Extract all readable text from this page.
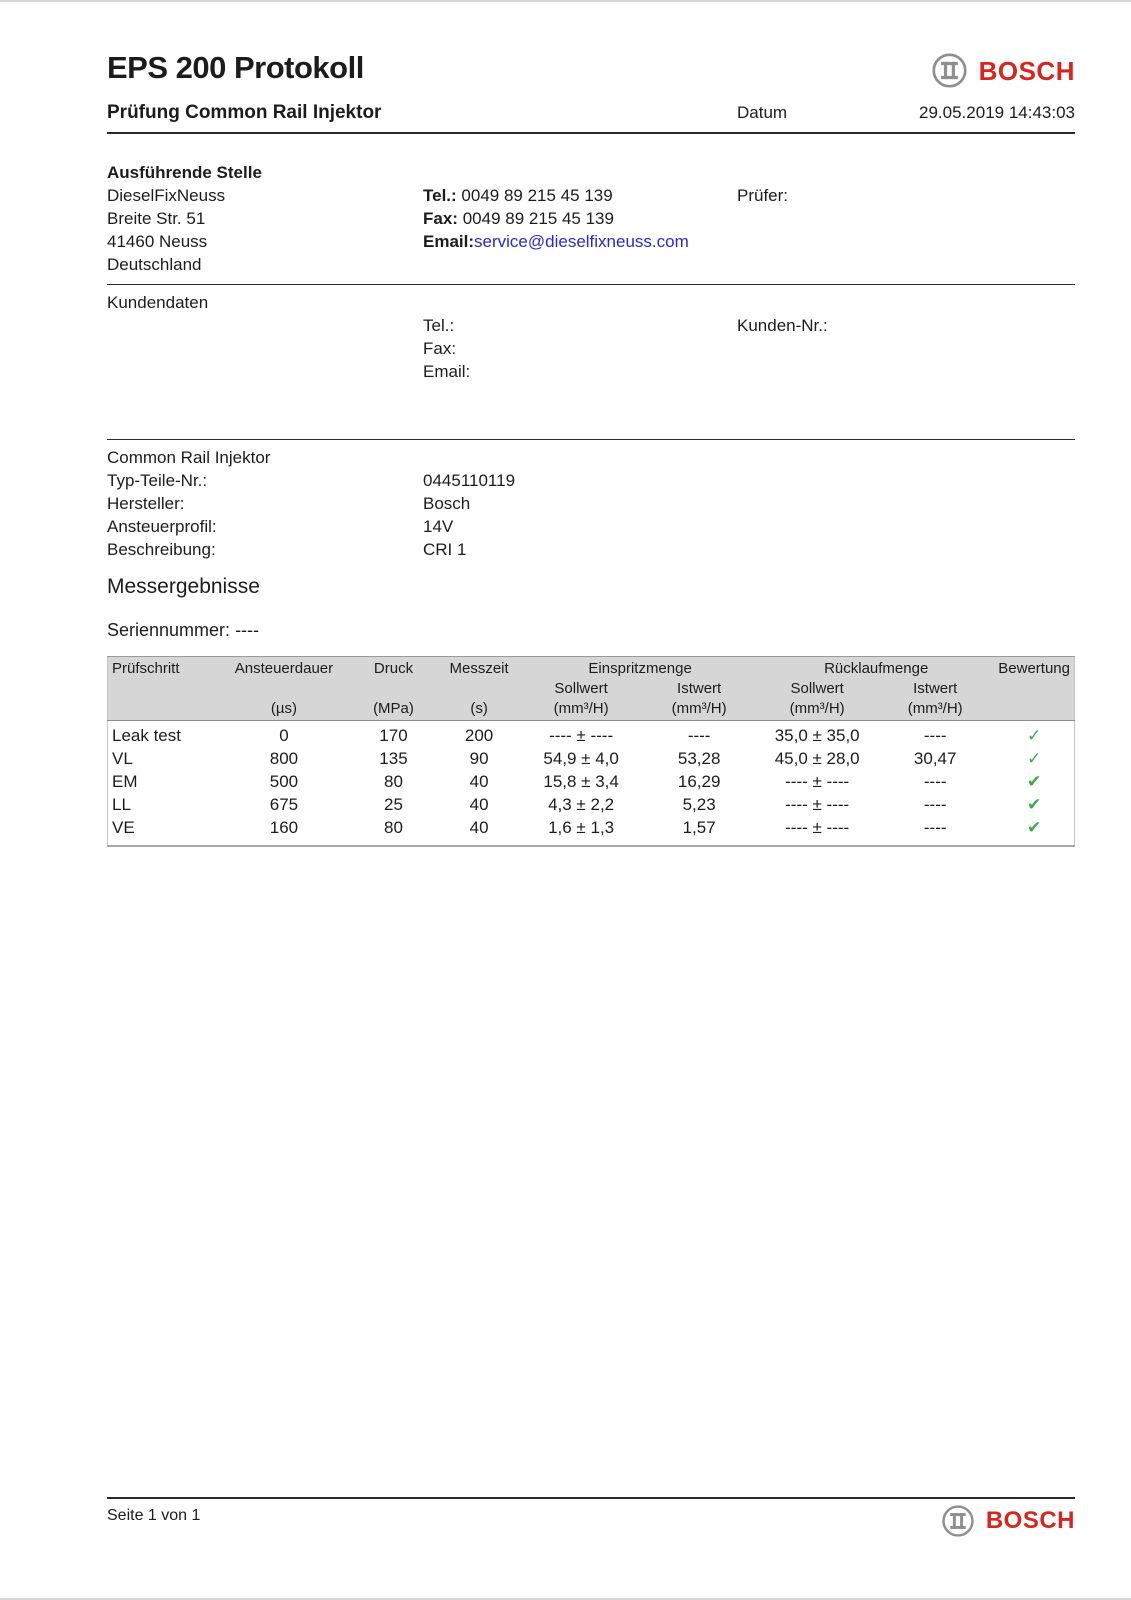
EPS 200 Protokoll	BOSCH
Prüfung Common Rail Injektor	Datum	29.05.2019 14:43:03
Ausführende Stelle
DieselFixNeuss
Breite Str. 51
41460 Neuss
Deutschland
Tel.: 0049 89 215 45 139
Fax: 0049 89 215 45 139
Email:service@dieselfixneuss.com
Prüfer:
Kundendaten
Tel.:
Fax:
Email:
Kunden-Nr.:
Common Rail Injektor
Typ-Teile-Nr.:	0445110119
Hersteller:	Bosch
Ansteuerprofil:	14V
Beschreibung:	CRI 1
Messergebnisse
Seriennummer: ----
Prüfschritt	Ansteuerdauer	Druck	Messzeit	Einspritzmenge		Rücklaufmenge		Bewertung
				Sollwert	Istwert	Sollwert	Istwert	
	(µs)	(MPa)	(s)	(mm³/H)	(mm³/H)	(mm³/H)	(mm³/H)	
Leak test	0	170	200	---- ± ----	----	35,0 ± 35,0	----	✓
VL	800	135	90	54,9 ± 4,0	53,28	45,0 ± 28,0	30,47	✓
EM	500	80	40	15,8 ± 3,4	16,29	---- ± ----	----	✔
LL	675	25	40	4,3 ± 2,2	5,23	---- ± ----	----	✔
VE	160	80	40	1,6 ± 1,3	1,57	---- ± ----	----	✔
Seite 1 von 1	BOSCH
